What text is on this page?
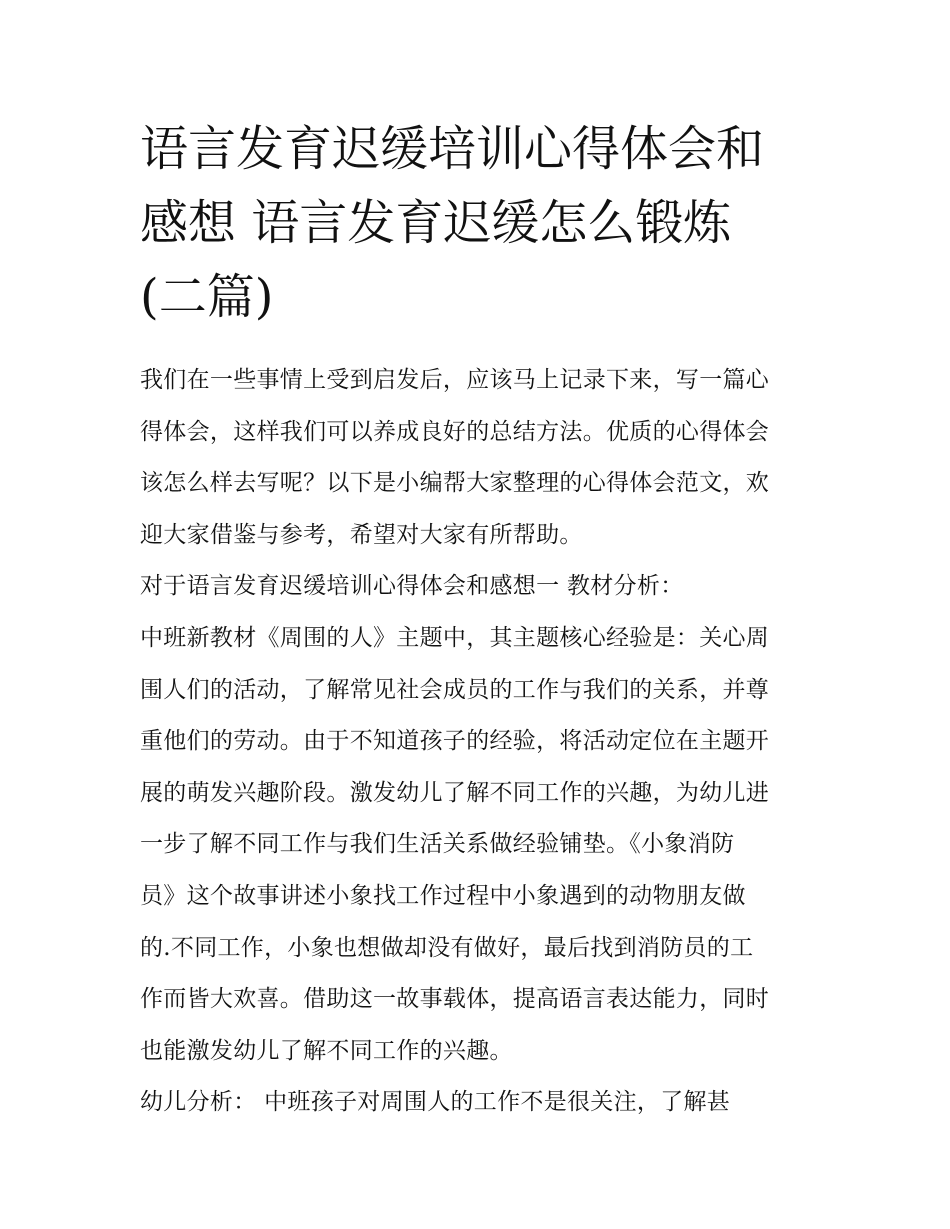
语言发育迟缓培训心得体会和
感想 语言发育迟缓怎么锻炼
(二篇)
我们在一些事情上受到启发后，应该马上记录下来，写一篇心
得体会，这样我们可以养成良好的总结方法。优质的心得体会
该怎么样去写呢？以下是小编帮大家整理的心得体会范文，欢
迎大家借鉴与参考，希望对大家有所帮助。
对于语言发育迟缓培训心得体会和感想一 教材分析：
中班新教材《周围的人》主题中，其主题核心经验是：关心周
围人们的活动，了解常见社会成员的工作与我们的关系，并尊
重他们的劳动。由于不知道孩子的经验，将活动定位在主题开
展的萌发兴趣阶段。激发幼儿了解不同工作的兴趣，为幼儿进
一步了解不同工作与我们生活关系做经验铺垫。《小象消防
员》这个故事讲述小象找工作过程中小象遇到的动物朋友做
的.不同工作，小象也想做却没有做好，最后找到消防员的工
作而皆大欢喜。借助这一故事载体，提高语言表达能力，同时
也能激发幼儿了解不同工作的兴趣。
幼儿分析： 中班孩子对周围人的工作不是很关注，了解甚
